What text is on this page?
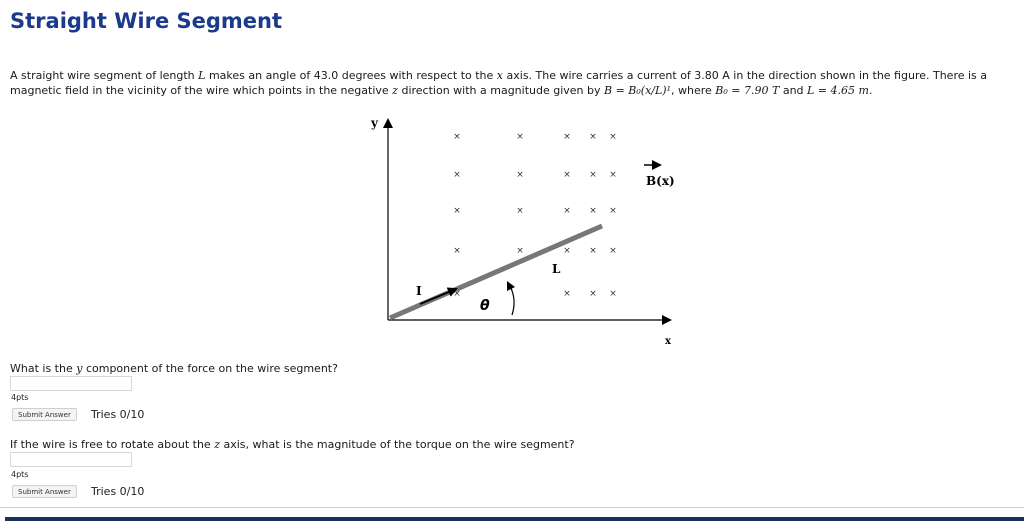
Straight Wire Segment
A straight wire segment of length L makes an angle of 43.0 degrees with respect to the x axis. The wire carries a current of 3.80 A in the direction shown in the figure. There is a magnetic field in the vicinity of the wire which points in the negative z direction with a magnitude given by B = B₀(x/L)¹, where B₀ = 7.90 T and L = 4.65 m.
y
x
×	×	× × ×
×	×	× × ×
×	×	× × ×
×	×	× × ×
×	× × ×
I
L
θ
B(x)
What is the y component of the force on the wire segment?
4pts
Submit Answer	Tries 0/10
If the wire is free to rotate about the z axis, what is the magnitude of the torque on the wire segment?
4pts
Submit Answer	Tries 0/10
